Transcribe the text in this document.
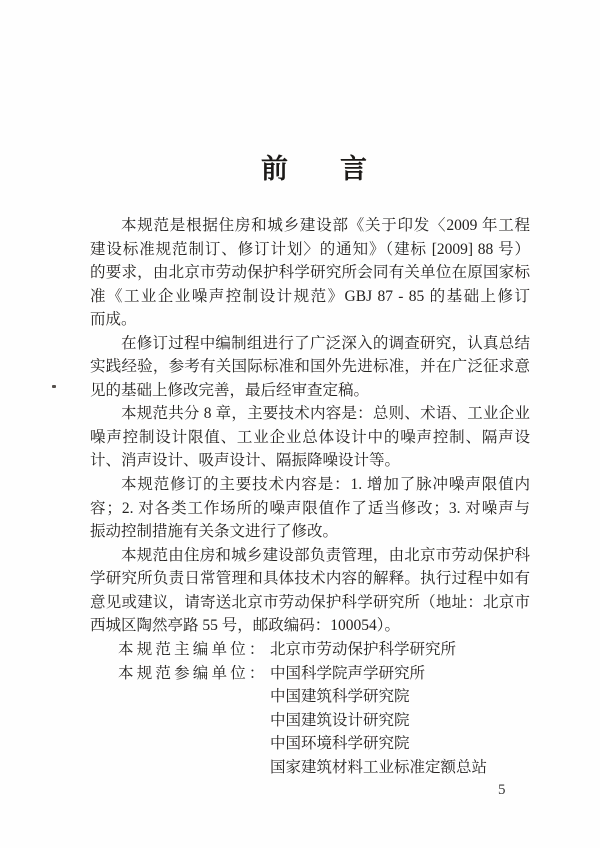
前 言
本规范是根据住房和城乡建设部《关于印发〈2009 年工程
建设标准规范制订、修订计划〉的通知》（建标 [2009] 88 号）
的要求，由北京市劳动保护科学研究所会同有关单位在原国家标
准《工业企业噪声控制设计规范》GBJ 87 - 85 的基础上修订
而成。
在修订过程中编制组进行了广泛深入的调查研究，认真总结
实践经验，参考有关国际标准和国外先进标准，并在广泛征求意
见的基础上修改完善，最后经审查定稿。
本规范共分 8 章，主要技术内容是：总则、术语、工业企业
噪声控制设计限值、工业企业总体设计中的噪声控制、隔声设
计、消声设计、吸声设计、隔振降噪设计等。
本规范修订的主要技术内容是：1. 增加了脉冲噪声限值内
容；2. 对各类工作场所的噪声限值作了适当修改；3. 对噪声与
振动控制措施有关条文进行了修改。
本规范由住房和城乡建设部负责管理，由北京市劳动保护科
学研究所负责日常管理和具体技术内容的解释。执行过程中如有
意见或建议，请寄送北京市劳动保护科学研究所（地址：北京市
西城区陶然亭路 55 号，邮政编码：100054）。
本规范主编单位： 北京市劳动保护科学研究所
本规范参编单位： 中国科学院声学研究所
中国建筑科学研究院
中国建筑设计研究院
中国环境科学研究院
国家建筑材料工业标准定额总站
5
